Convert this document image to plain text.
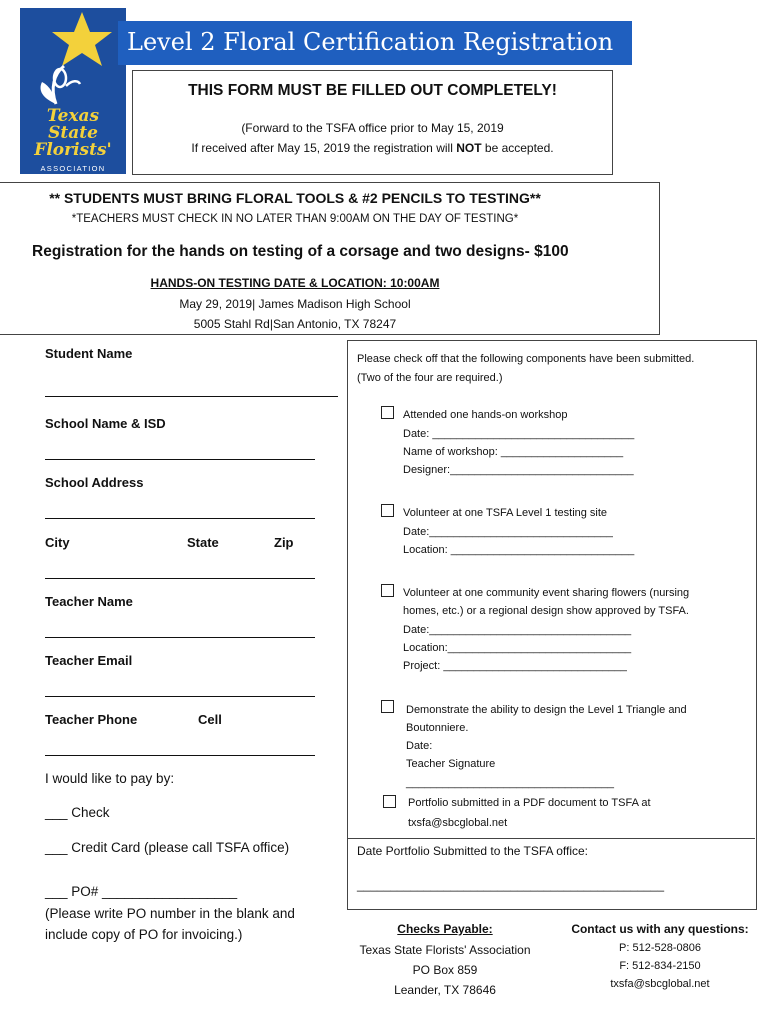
Texas
State
Florists'
ASSOCIATION
Level 2 Floral Certification Registration
THIS FORM MUST BE FILLED OUT COMPLETELY!
(Forward to the TSFA office prior to May 15, 2019
If received after May 15, 2019 the registration will NOT be accepted.
** STUDENTS MUST BRING FLORAL TOOLS & #2 PENCILS TO TESTING**
*TEACHERS MUST CHECK IN NO LATER THAN 9:00AM ON THE DAY OF TESTING*
Registration for the hands on testing of a corsage and two designs- $100
HANDS-ON TESTING DATE & LOCATION: 10:00AM
May 29, 2019| James Madison High School
5005 Stahl Rd|San Antonio, TX 78247
Student Name
School Name & ISD
School Address
City	State	Zip
Teacher Name
Teacher Email
Teacher Phone	Cell
I would like to pay by:
___ Check
___ Credit Card (please call TSFA office)
___ PO# __________________
(Please write PO number in the blank and
include copy of PO for invoicing.)
Please check off that the following components have been submitted.
(Two of the four are required.)
Attended one hands-on workshop
Date: _________________________________
Name of workshop: ____________________
Designer:______________________________
Volunteer at one TSFA Level 1 testing site
Date:______________________________
Location: ______________________________
Volunteer at one community event sharing flowers (nursing
homes, etc.) or a regional design show approved by TSFA.
Date:_________________________________
Location:______________________________
Project: ______________________________
Demonstrate the ability to design the Level 1 Triangle and
Boutonniere.
Date:
Teacher Signature
__________________________________
Portfolio submitted in a PDF document to TSFA at
txsfa@sbcglobal.net
Date Portfolio Submitted to the TSFA office:
______________________________________________
Checks Payable:
Texas State Florists' Association
PO Box 859
Leander, TX 78646
Contact us with any questions:
P: 512-528-0806
F: 512-834-2150
txsfa@sbcglobal.net
